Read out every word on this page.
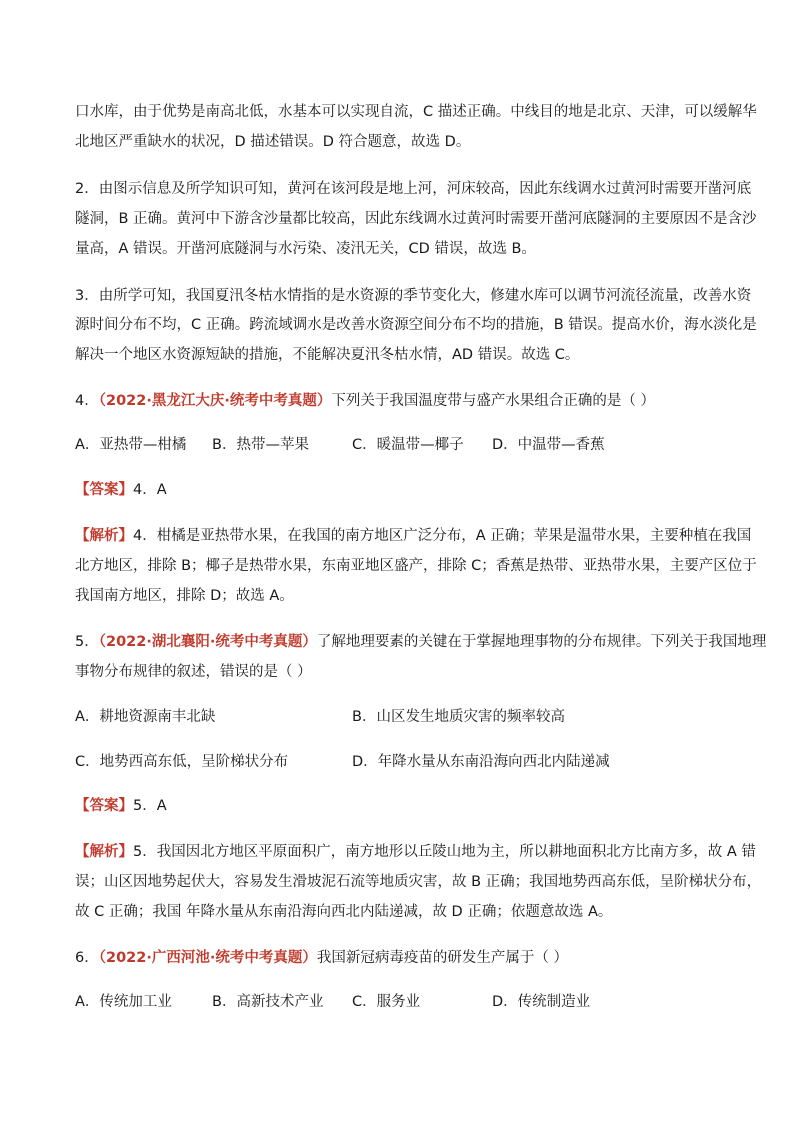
口水库，由于优势是南高北低，水基本可以实现自流，C 描述正确。中线目的地是北京、天津，可以缓解华
北地区严重缺水的状况，D 描述错误。D 符合题意，故选 D。
2．由图示信息及所学知识可知，黄河在该河段是地上河，河床较高，因此东线调水过黄河时需要开凿河底
隧洞，B 正确。黄河中下游含沙量都比较高，因此东线调水过黄河时需要开凿河底隧洞的主要原因不是含沙
量高，A 错误。开凿河底隧洞与水污染、凌汛无关，CD 错误，故选 B。
3．由所学可知，我国夏汛冬枯水情指的是水资源的季节变化大，修建水库可以调节河流径流量，改善水资
源时间分布不均，C 正确。跨流域调水是改善水资源空间分布不均的措施，B 错误。提高水价，海水淡化是
解决一个地区水资源短缺的措施，不能解决夏汛冬枯水情，AD 错误。故选 C。
4．（2022·黑龙江大庆·统考中考真题）下列关于我国温度带与盛产水果组合正确的是（ ）
A．亚热带—柑橘 B．热带—苹果	C．暖温带—椰子 D．中温带—香蕉
【答案】4．A
【解析】4．柑橘是亚热带水果，在我国的南方地区广泛分布，A 正确；苹果是温带水果，主要种植在我国
北方地区，排除 B；椰子是热带水果，东南亚地区盛产，排除 C；香蕉是热带、亚热带水果，主要产区位于
我国南方地区，排除 D；故选 A。
5．（2022·湖北襄阳·统考中考真题）了解地理要素的关键在于掌握地理事物的分布规律。下列关于我国地理
事物分布规律的叙述，错误的是（ ）
A．耕地资源南丰北缺	B．山区发生地质灾害的频率较高
C．地势西高东低，呈阶梯状分布	D．年降水量从东南沿海向西北内陆递减
【答案】5．A
【解析】5．我国因北方地区平原面积广，南方地形以丘陵山地为主，所以耕地面积北方比南方多，故 A 错
误；山区因地势起伏大，容易发生滑坡泥石流等地质灾害，故 B 正确；我国地势西高东低，呈阶梯状分布，
故 C 正确；我国 年降水量从东南沿海向西北内陆递减，故 D 正确；依题意故选 A。
6．（2022·广西河池·统考中考真题）我国新冠病毒疫苗的研发生产属于（ ）
A．传统加工业	B．高新技术产业 C．服务业	D．传统制造业
